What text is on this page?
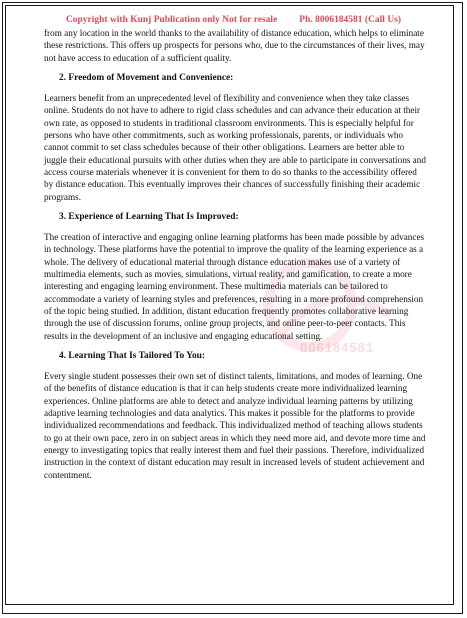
Copyright with Kunj Publication only Not for resale Ph. 8006184581 (Call Us)
006184581

from any location in the world thanks to the availability of distance education, which helps to eliminate these restrictions. This offers up prospects for persons who, due to the circumstances of their lives, may not have access to education of a sufficient quality.

2. Freedom of Movement and Convenience:

Learners benefit from an unprecedented level of flexibility and convenience when they take classes online. Students do not have to adhere to rigid class schedules and can advance their education at their own rate, as opposed to students in traditional classroom environments. This is especially helpful for persons who have other commitments, such as working professionals, parents, or individuals who cannot commit to set class schedules because of their other obligations. Learners are better able to juggle their educational pursuits with other duties when they are able to participate in conversations and access course materials whenever it is convenient for them to do so thanks to the accessibility offered by distance education. This eventually improves their chances of successfully finishing their academic programs.

3. Experience of Learning That Is Improved:

The creation of interactive and engaging online learning platforms has been made possible by advances in technology. These platforms have the potential to improve the quality of the learning experience as a whole. The delivery of educational material through distance education makes use of a variety of multimedia elements, such as movies, simulations, virtual reality, and gamification, to create a more interesting and engaging learning environment. These multimedia materials can be tailored to accommodate a variety of learning styles and preferences, resulting in a more profound comprehension of the topic being studied. In addition, distant education frequently promotes collaborative learning through the use of discussion forums, online group projects, and online peer-to-peer contacts. This results in the development of an inclusive and engaging educational setting.

4. Learning That Is Tailored To You:

Every single student possesses their own set of distinct talents, limitations, and modes of learning. One of the benefits of distance education is that it can help students create more individualized learning experiences. Online platforms are able to detect and analyze individual learning patterns by utilizing adaptive learning technologies and data analytics. This makes it possible for the platforms to provide individualized recommendations and feedback. This individualized method of teaching allows students to go at their own pace, zero in on subject areas in which they need more aid, and devote more time and energy to investigating topics that really interest them and fuel their passions. Therefore, individualized instruction in the context of distant education may result in increased levels of student achievement and contentment.
